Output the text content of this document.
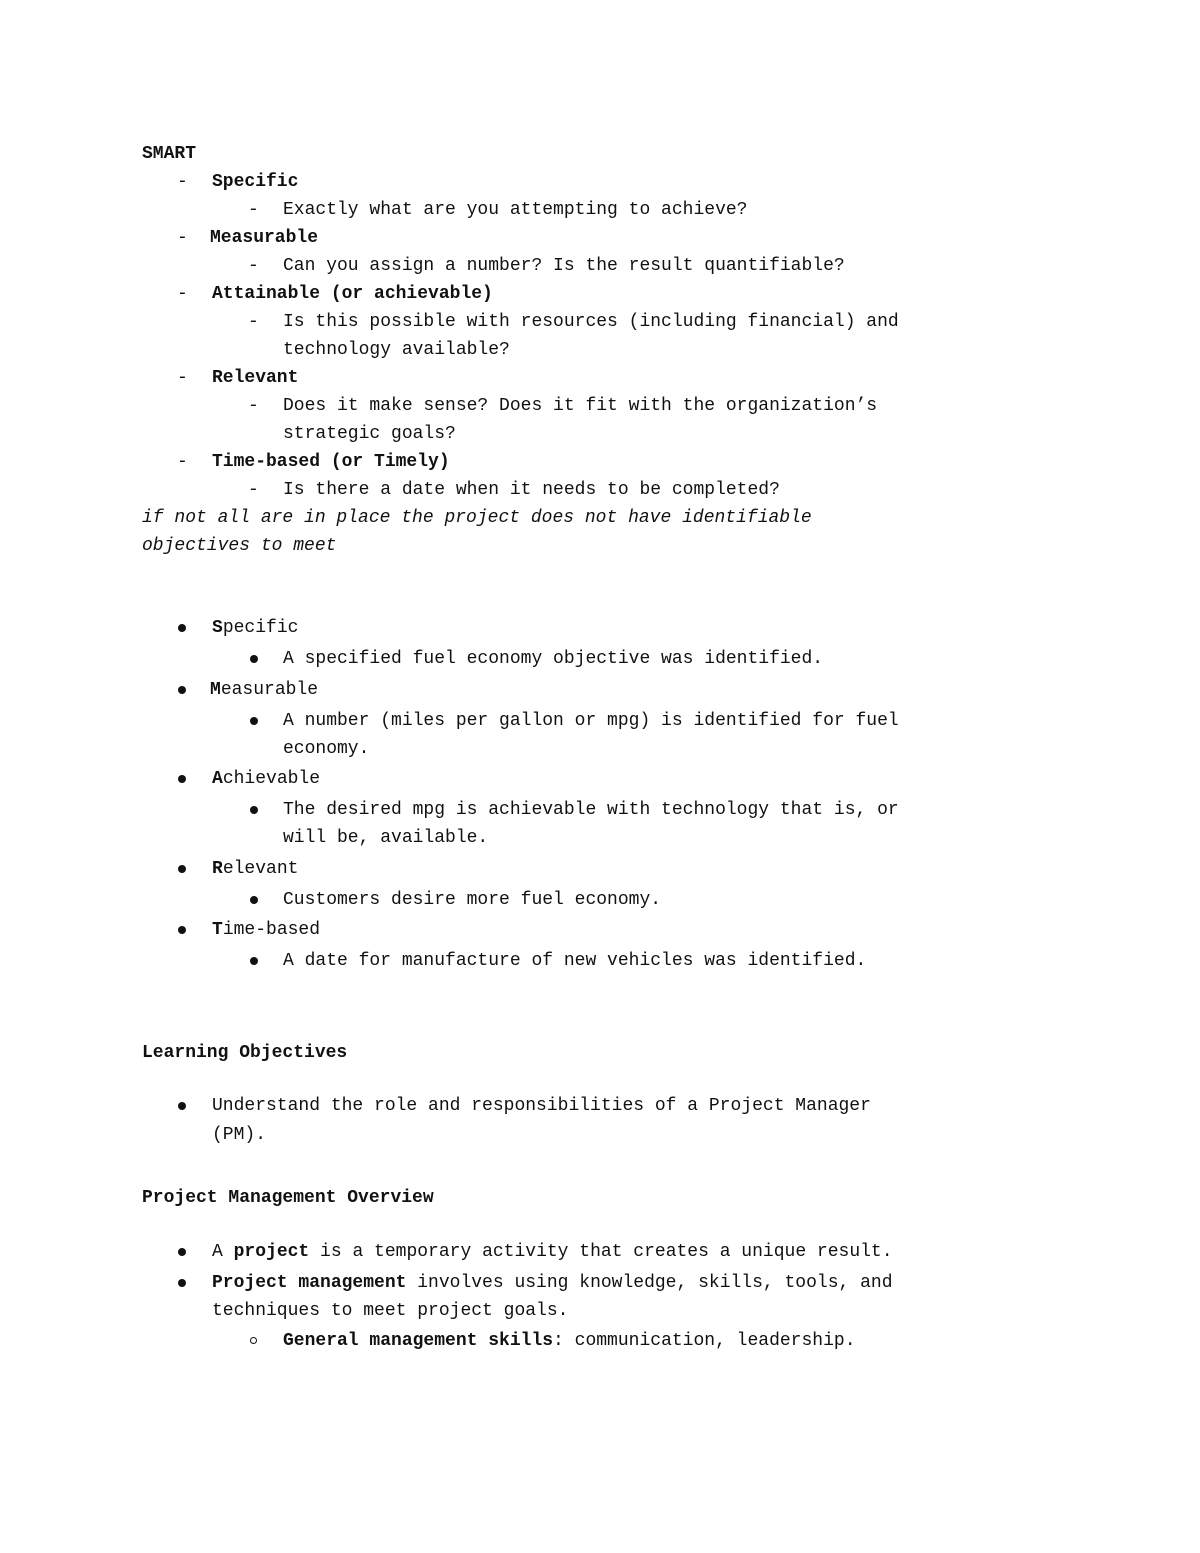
SMART
- Specific
- Exactly what are you attempting to achieve?
- Measurable
- Can you assign a number? Is the result quantifiable?
- Attainable (or achievable)
- Is this possible with resources (including financial) and
technology available?
- Relevant
- Does it make sense? Does it fit with the organization’s
strategic goals?
- Time-based (or Timely)
- Is there a date when it needs to be completed?
if not all are in place the project does not have identifiable
objectives to meet
Specific
A specified fuel economy objective was identified.
Measurable
A number (miles per gallon or mpg) is identified for fuel
economy.
Achievable
The desired mpg is achievable with technology that is, or
will be, available.
Relevant
Customers desire more fuel economy.
Time-based
A date for manufacture of new vehicles was identified.
Learning Objectives
Understand the role and responsibilities of a Project Manager
(PM).
Project Management Overview
A project is a temporary activity that creates a unique result.
Project management involves using knowledge, skills, tools, and
techniques to meet project goals.
General management skills: communication, leadership.
